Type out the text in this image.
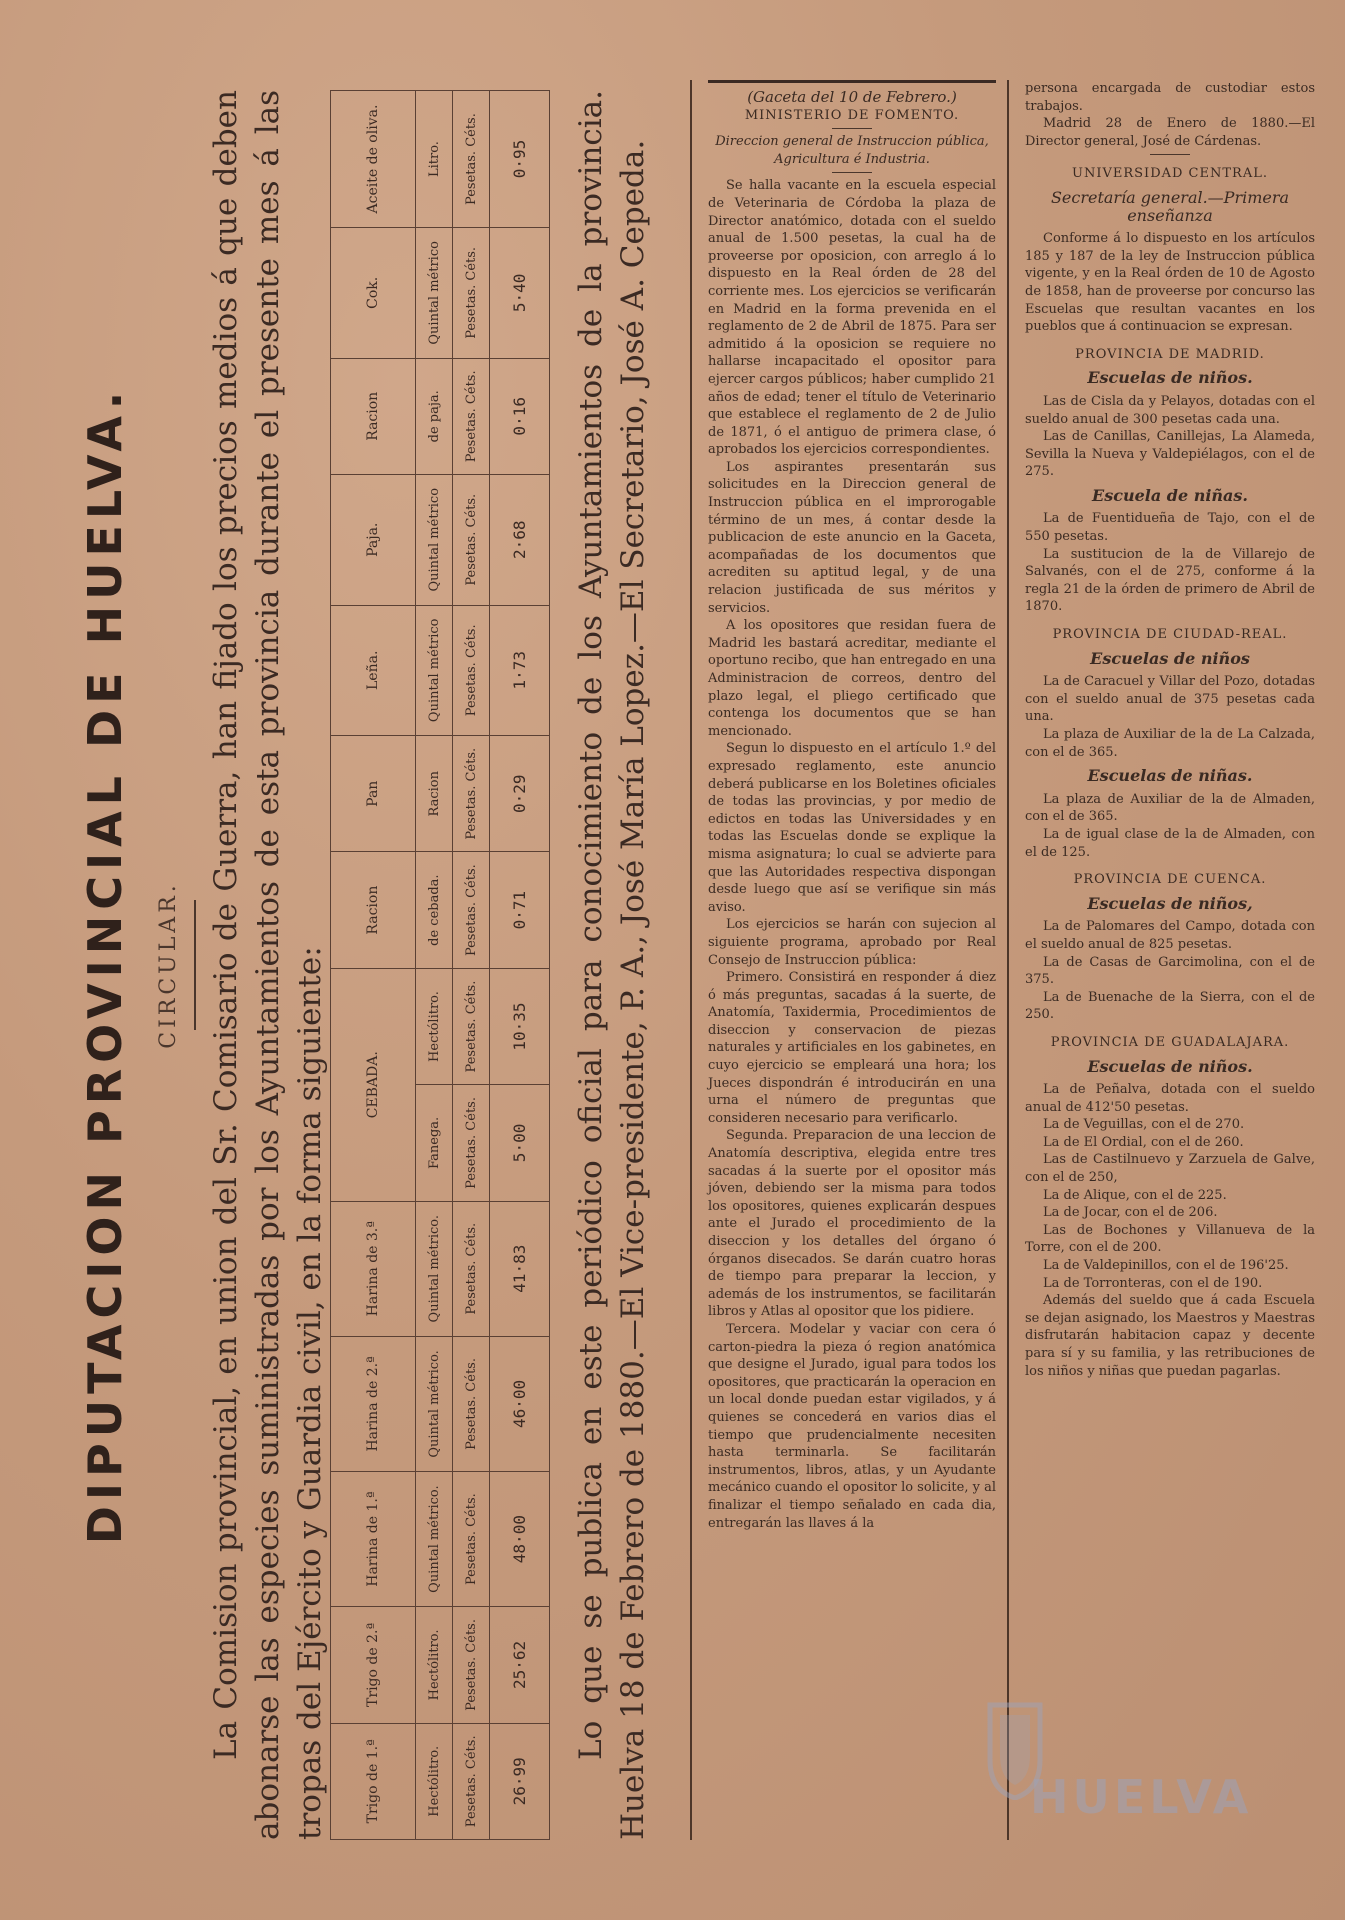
DIPUTACION PROVINCIAL DE HUELVA.	CIRCULAR. La Comision provincial, en union del Sr. Comisario de Guerra, han fijado los precios medios á que deben abonarse las especies suministradas por los Ayuntamientos de esta provincia durante el presente mes á las tropas del Ejército y Guardia civil, en la forma siguiente:	Trigo de 1.ª	Trigo de 2.ª	Harina de 1.ª	Harina de 2.ª	Harina de 3.ª	CEBADA.		Racion	Pan	Leña.	Paja.	Racion	Cok.	Aceite de oliva.
Hectólitro.	Hectólitro.	Quintal métrico.	Quintal métrico.	Quintal métrico.	Fanega.	Hectólitro.	de cebada.	Racion	Quintal métrico	Quintal métrico	de paja.	Quintal métrico	Litro.
Pesetas. Céts.	Pesetas. Céts.	Pesetas. Céts.	Pesetas. Céts.	Pesetas. Céts.	Pesetas. Céts.	Pesetas. Céts.	Pesetas. Céts.	Pesetas. Céts.	Pesetas. Céts.	Pesetas. Céts.	Pesetas. Céts.	Pesetas. Céts.	Pesetas. Céts.
26·99	25·62	48·00	46·00	41·83	5·00	10·35	0·71	0·29	1·73	2·68	0·16	5·40	0·95 Lo que se publica en este periódico oficial para conocimiento de los Ayuntamientos de la provincia. Huelva 18 de Febrero de 1880.—El Vice-presidente, P. A., José María Lopez.—El Secretario, José A. Cepeda.
(Gaceta del 10 de Febrero.)
MINISTERIO DE FOMENTO.

Direccion general de Instruccion pública, Agricultura é Industria.

Se halla vacante en la escuela especial de Veterinaria de Córdoba la plaza de Director anatómico, dotada con el sueldo anual de 1.500 pesetas, la cual ha de proveerse por oposicion, con arreglo á lo dispuesto en la Real órden de 28 del corriente mes. Los ejercicios se verificarán en Madrid en la forma prevenida en el reglamento de 2 de Abril de 1875. Para ser admitido á la oposicion se requiere no hallarse incapacitado el opositor para ejercer cargos públicos; haber cumplido 21 años de edad; tener el título de Veterinario que establece el reglamento de 2 de Julio de 1871, ó el antiguo de primera clase, ó aprobados los ejercicios correspondientes.

Los aspirantes presentarán sus solicitudes en la Direccion general de Instruccion pública en el improrogable término de un mes, á contar desde la publicacion de este anuncio en la Gaceta, acompañadas de los documentos que acrediten su aptitud legal, y de una relacion justificada de sus méritos y servicios.

A los opositores que residan fuera de Madrid les bastará acreditar, mediante el oportuno recibo, que han entregado en una Administracion de correos, dentro del plazo legal, el pliego certificado que contenga los documentos que se han mencionado.

Segun lo dispuesto en el artículo 1.º del expresado reglamento, este anuncio deberá publicarse en los Boletines oficiales de todas las provincias, y por medio de edictos en todas las Universidades y en todas las Escuelas donde se explique la misma asignatura; lo cual se advierte para que las Autoridades respectiva dispongan desde luego que así se verifique sin más aviso.

Los ejercicios se harán con sujecion al siguiente programa, aprobado por Real Consejo de Instruccion pública:

Primero. Consistirá en responder á diez ó más preguntas, sacadas á la suerte, de Anatomía, Taxidermia, Procedimientos de diseccion y conservacion de piezas naturales y artificiales en los gabinetes, en cuyo ejercicio se empleará una hora; los Jueces dispondrán é introducirán en una urna el número de preguntas que consideren necesario para verificarlo.

Segunda. Preparacion de una leccion de Anatomía descriptiva, elegida entre tres sacadas á la suerte por el opositor más jóven, debiendo ser la misma para todos los opositores, quienes explicarán despues ante el Jurado el procedimiento de la diseccion y los detalles del órgano ó órganos disecados. Se darán cuatro horas de tiempo para preparar la leccion, y además de los instrumentos, se facilitarán libros y Atlas al opositor que los pidiere.

Tercera. Modelar y vaciar con cera ó carton-piedra la pieza ó region anatómica que designe el Jurado, igual para todos los opositores, que practicarán la operacion en un local donde puedan estar vigilados, y á quienes se concederá en varios dias el tiempo que prudencialmente necesiten hasta terminarla. Se facilitarán instrumentos, libros, atlas, y un Ayudante mecánico cuando el opositor lo solicite, y al finalizar el tiempo señalado en cada dia, entregarán las llaves á la

persona encargada de custodiar estos trabajos.

Madrid 28 de Enero de 1880.—El Director general, José de Cárdenas.

UNIVERSIDAD CENTRAL.
Secretaría general.—Primera enseñanza

Conforme á lo dispuesto en los artículos 185 y 187 de la ley de Instruccion pública vigente, y en la Real órden de 10 de Agosto de 1858, han de proveerse por concurso las Escuelas que resultan vacantes en los pueblos que á continuacion se expresan.

PROVINCIA DE MADRID.
Escuelas de niños.

Las de Cisla da y Pelayos, dotadas con el sueldo anual de 300 pesetas cada una.

Las de Canillas, Canillejas, La Alameda, Sevilla la Nueva y Valdepiélagos, con el de 275.

Escuela de niñas.

La de Fuentidueña de Tajo, con el de 550 pesetas.

La sustitucion de la de Villarejo de Salvanés, con el de 275, conforme á la regla 21 de la órden de primero de Abril de 1870.

PROVINCIA DE CIUDAD-REAL.
Escuelas de niños

La de Caracuel y Villar del Pozo, dotadas con el sueldo anual de 375 pesetas cada una.

La plaza de Auxiliar de la de La Calzada, con el de 365.

Escuelas de niñas.

La plaza de Auxiliar de la de Almaden, con el de 365.

La de igual clase de la de Almaden, con el de 125.

PROVINCIA DE CUENCA.
Escuelas de niños,

La de Palomares del Campo, dotada con el sueldo anual de 825 pesetas.

La de Casas de Garcimolina, con el de 375.

La de Buenache de la Sierra, con el de 250.

PROVINCIA DE GUADALAJARA.
Escuelas de niños.

La de Peñalva, dotada con el sueldo anual de 412'50 pesetas.

La de Veguillas, con el de 270.

La de El Ordial, con el de 260.

Las de Castilnuevo y Zarzuela de Galve, con el de 250,

La de Alique, con el de 225.

La de Jocar, con el de 206.

Las de Bochones y Villanueva de la Torre, con el de 200.

La de Valdepinillos, con el de 196'25.

La de Torronteras, con el de 190.

Además del sueldo que á cada Escuela se dejan asignado, los Maestros y Maestras disfrutarán habitacion capaz y decente para sí y su familia, y las retribuciones de los niños y niñas que puedan pagarlas.

HUELVA
